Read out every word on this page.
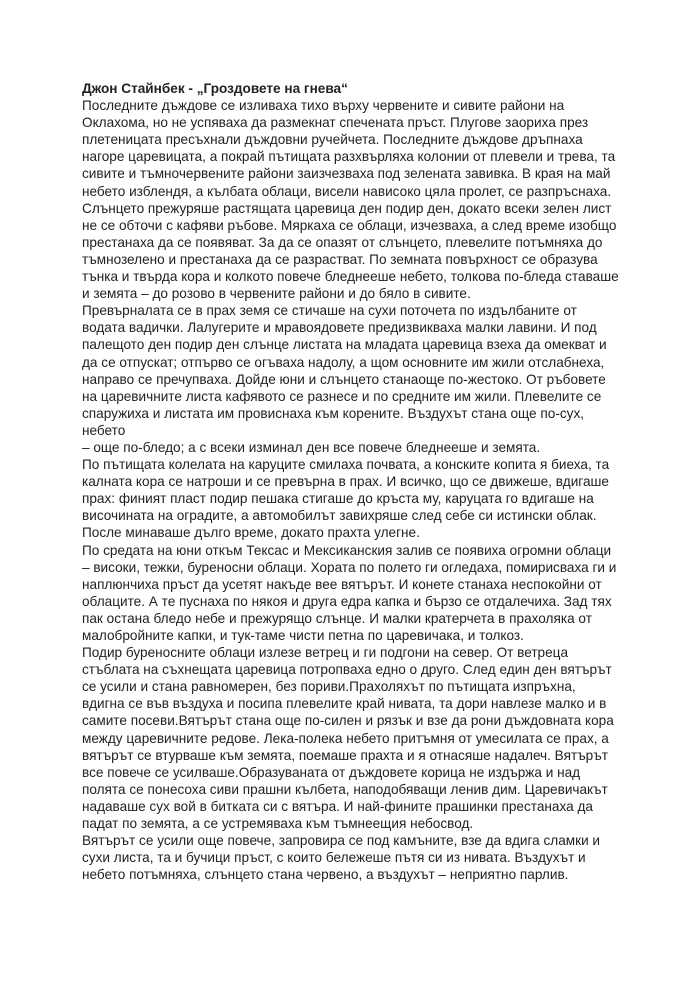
Джон Стайнбек - „Гроздовете на гнева“

Последните дъждове се изливаха тихо върху червените и сивите райони на Оклахома, но не успяваха да размекнат спечената пръст. Плугове заорихa през плетеницата пресъхнали дъждовни ручейчета. Последните дъждове дръпнаха нагоре царевицата, а покрай пътищата разхвърляха колонии от плевели и трева, та сивите и тъмночервените райони заизчезваха под зелената завивка. В края на май небето изблендя, а кълбата облаци, висели нависоко цяла пролет, се разпръснаха. Слънцето прежуряше растящата царевица ден подир ден, докато всеки зелен лист не се обточи с кафяви ръбове. Мяркаха се облаци, изчезваха, а след време изобщо престанаха да се появяват. За да се опазят от слънцето, плевелите потъмняха до тъмнозелено и престанаха да се разрастват. По земната повърхност се образува тънка и твърда кора и колкото повече бледнееше небето, толкова по-бледа ставаше и земята – до розово в червените райони и до бяло в сивите.

Превърналата се в прах земя се стичаше на сухи поточета по издълбаните от водата вадички. Лалугерите и мравоядовете предизвикваха малки лавини. И под палещото ден подир ден слънце листата на младата царевица взеха да омекват и да се отпускат; отпърво се огъваха надолу, а щом основните им жили отслабнеха, направо се пречупваха. Дойде юни и слънцето станаоще по-жестоко. От ръбовете на царевичните листа кафявото се разнесе и по средните им жили. Плевелите се спаружиха и листата им провиснаха към корените. Въздухът стана още по-сух, небето

– още по-бледо; а с всеки изминал ден все повече бледнееше и земята.

По пътищата колелата на каруците смилаха почвата, а конските копита я биеха, та калната кора се натроши и се превърна в прах. И всичко, що се движеше, вдигаше прах: финият пласт подир пешака стигаше до кръста му, каруцата го вдигаше на височината на оградите, а автомобилът завихряше след себе си истински облак. После минаваше дълго време, докато прахта улегне.

По средата на юни откъм Тексас и Мексиканския залив се появиха огромни облаци – високи, тежки, буреносни облаци. Хората по полето ги огледаха, помирисваха ги и наплюнчиха пръст да усетят накъде вее вятърът. И конете станаха неспокойни от облаците. А те пуснаха по някоя и друга едра капка и бързо се отдалечиха. Зад тях пак остана бледо небе и прежурящо слънце. И малки кратерчета в прахоляка от малобройните капки, и тук-таме чисти петна по царевичака, и толкоз.

Подир буреносните облаци излезе ветрец и ги подгони на север. От ветреца стъблата на съхнещата царевица потропваха едно о друго. След един ден вятърът се усили и стана равномерен, без пориви.Прахоляхът по пътищата изпръхна, вдигна се във въздуха и посипа плевелите край нивата, та дори навлезе малко и в самите посеви.Вятърът стана още по-силен и рязък и взе да рони дъждовната кора между царевичните редове. Лека-полека небето притъмня от умесилата се прах, а вятърът се втурваше към земята, поемаше прахта и я отнасяше надалеч. Вятърът все повече се усилваше.Образуваната от дъждовете корица не издържа и над полята се понесоха сиви прашни кълбета, наподобяващи ленив дим. Царевичакът надаваше сух вой в битката си с вятъра. И най-фините прашинки престанаха да падат по земята, а се устремяваха към тъмнеещия небосвод.

Вятърът се усили още повече, запровира се под камъните, взе да вдига сламки и сухи листа, та и бучици пръст, с които бележеше пътя си из нивата. Въздухът и небето потъмняха, слънцето стана червено, а въздухът – неприятно парлив.
